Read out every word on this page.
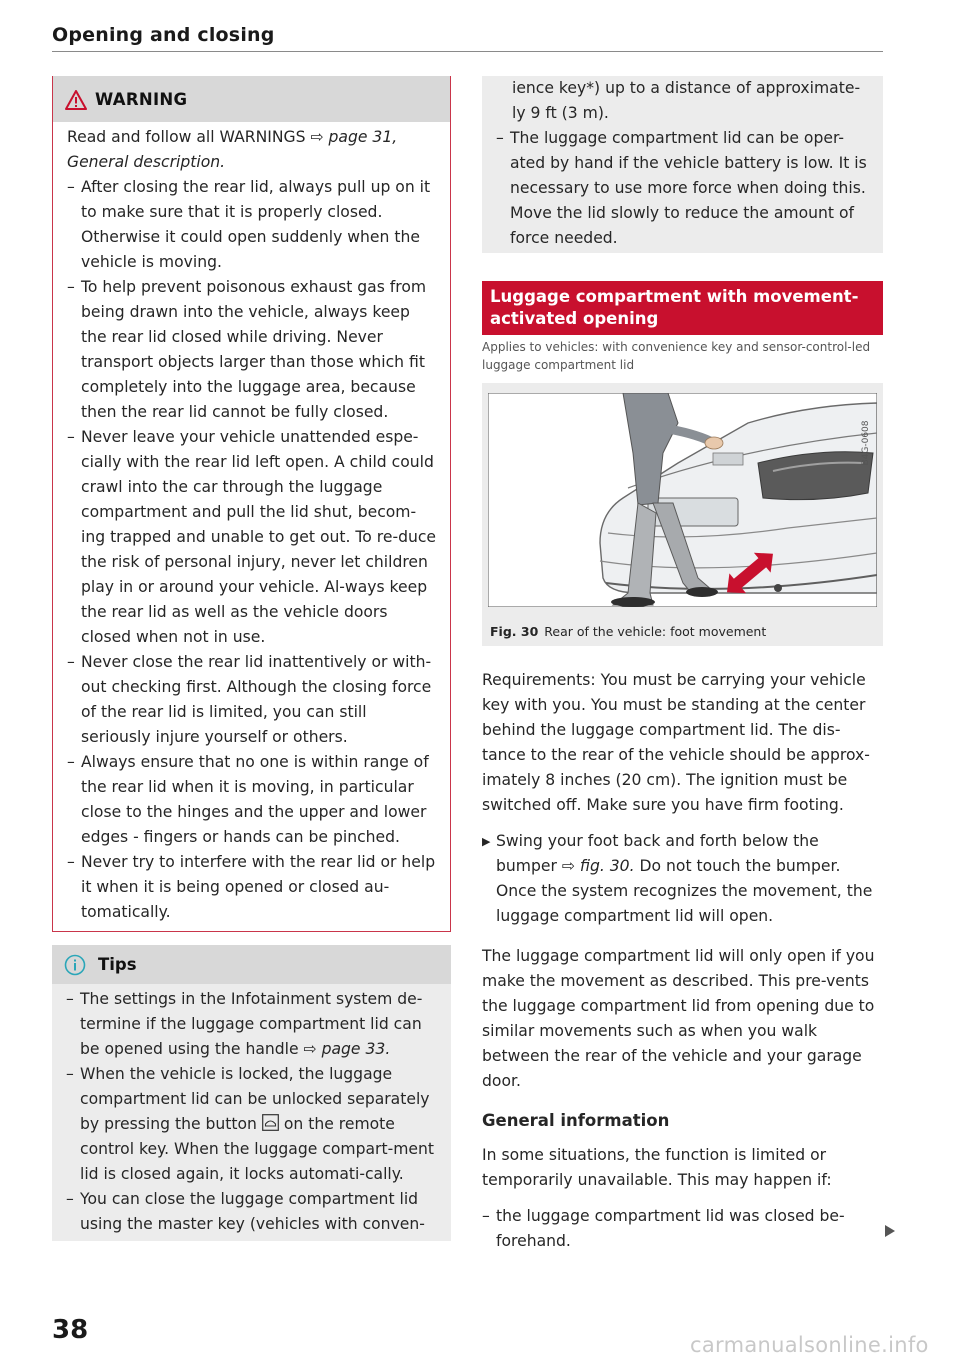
Opening and closing
WARNING

Read and follow all WARNINGS ⇨ page 31, General description.

– After closing the rear lid, always pull up on it to make sure that it is properly closed. Otherwise it could open suddenly when the vehicle is moving.

– To help prevent poisonous exhaust gas from being drawn into the vehicle, always keep the rear lid closed while driving. Never transport objects larger than those which fit completely into the luggage area, because then the rear lid cannot be fully closed.

– Never leave your vehicle unattended espe-cially with the rear lid left open. A child could crawl into the car through the luggage compartment and pull the lid shut, becom-ing trapped and unable to get out. To re-duce the risk of personal injury, never let children play in or around your vehicle. Al-ways keep the rear lid as well as the vehicle doors closed when not in use.

– Never close the rear lid inattentively or with-out checking first. Although the closing force of the rear lid is limited, you can still seriously injure yourself or others.

– Always ensure that no one is within range of the rear lid when it is moving, in particular close to the hinges and the upper and lower edges - fingers or hands can be pinched.

– Never try to interfere with the rear lid or help it when it is being opened or closed au-tomatically.

Tips

– The settings in the Infotainment system de-termine if the luggage compartment lid can be opened using the handle ⇨ page 33.

– When the vehicle is locked, the luggage compartment lid can be unlocked separately by pressing the button  on the remote control key. When the luggage compart-ment lid is closed again, it locks automati-cally.

– You can close the luggage compartment lid using the master key (vehicles with conven-

ience key*) up to a distance of approximate-ly 9 ft (3 m).

– The luggage compartment lid can be oper-ated by hand if the vehicle battery is low. It is necessary to use more force when doing this. Move the lid slowly to reduce the amount of force needed.

Luggage compartment with movement-activated opening
Applies to vehicles: with convenience key and sensor-control-led luggage compartment lid
B4G-0608
Fig. 30 Rear of the vehicle: foot movement

Requirements: You must be carrying your vehicle key with you. You must be standing at the center behind the luggage compartment lid. The dis-tance to the rear of the vehicle should be approx-imately 8 inches (20 cm). The ignition must be switched off. Make sure you have firm footing.

▶ Swing your foot back and forth below the bumper ⇨ fig. 30. Do not touch the bumper. Once the system recognizes the movement, the luggage compartment lid will open.

The luggage compartment lid will only open if you make the movement as described. This pre-vents the luggage compartment lid from opening due to similar movements such as when you walk between the rear of the vehicle and your garage door.

General information

In some situations, the function is limited or temporarily unavailable. This may happen if:

– the luggage compartment lid was closed be-forehand.

38	carmanualsonline.info
